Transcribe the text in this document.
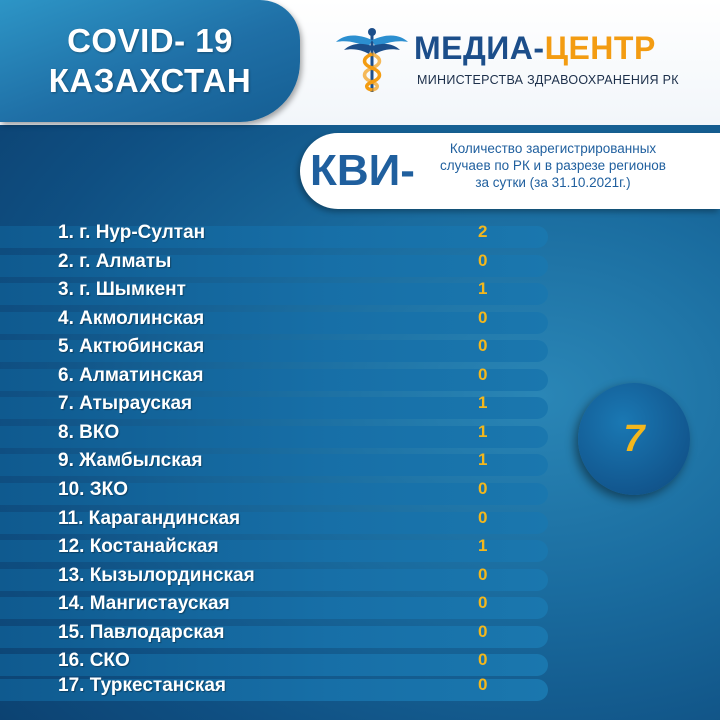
COVID- 19
КАЗАХСТАН
МЕДИА-ЦЕНТР
МИНИСТЕРСТВА ЗДРАВООХРАНЕНИЯ РК
КВИ-	Количество зарегистрированных
случаев по РК и в разрезе регионов
за сутки (за 31.10.2021г.)
1. г. Нур-Султан	2
2. г. Алматы	0
3. г. Шымкент	1
4. Акмолинская	0
5. Актюбинская	0
6. Алматинская	0
7. Атырауская	1
8. ВКО	1
9. Жамбылская	1
10. ЗКО	0
11. Карагандинская	0
12. Костанайская	1
13. Кызылординская	0
14. Мангистауская	0
15. Павлодарская	0
16. СКО	0
17. Туркестанская	0
7
